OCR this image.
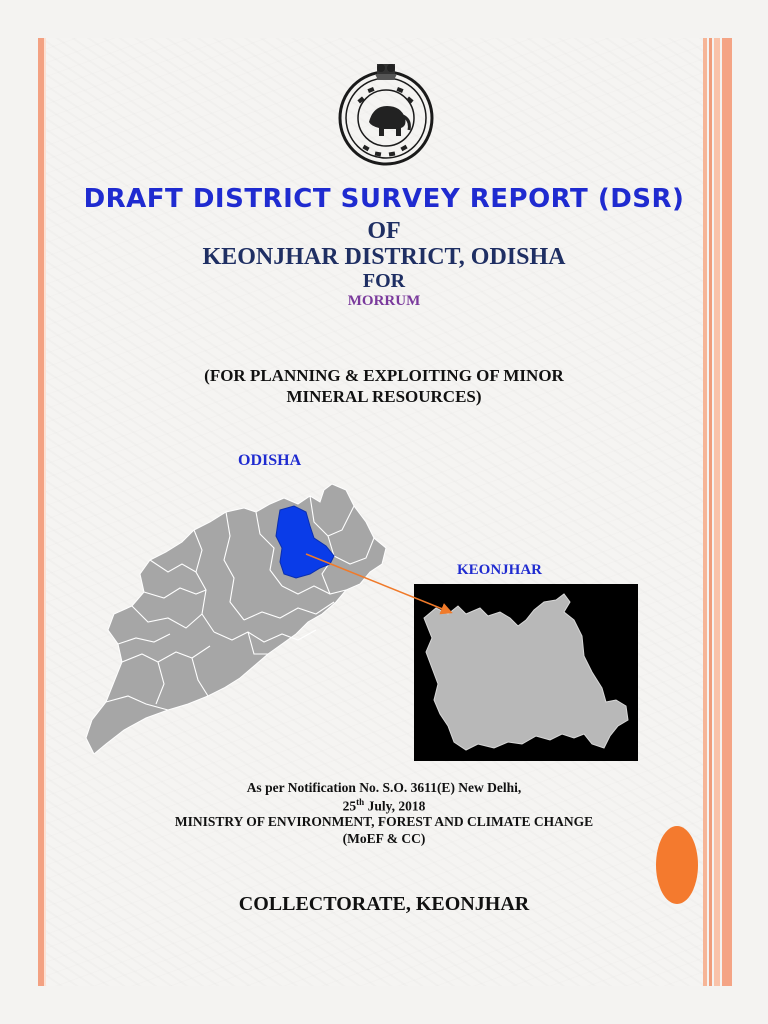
DRAFT DISTRICT SURVEY REPORT (DSR)
OF
KEONJHAR DISTRICT, ODISHA
FOR
MORRUM
(FOR PLANNING & EXPLOITING OF MINOR
MINERAL RESOURCES)
ODISHA
KEONJHAR
As per Notification No. S.O. 3611(E) New Delhi,
25th July, 2018
MINISTRY OF ENVIRONMENT, FOREST AND CLIMATE CHANGE
(MoEF & CC)
COLLECTORATE, KEONJHAR
